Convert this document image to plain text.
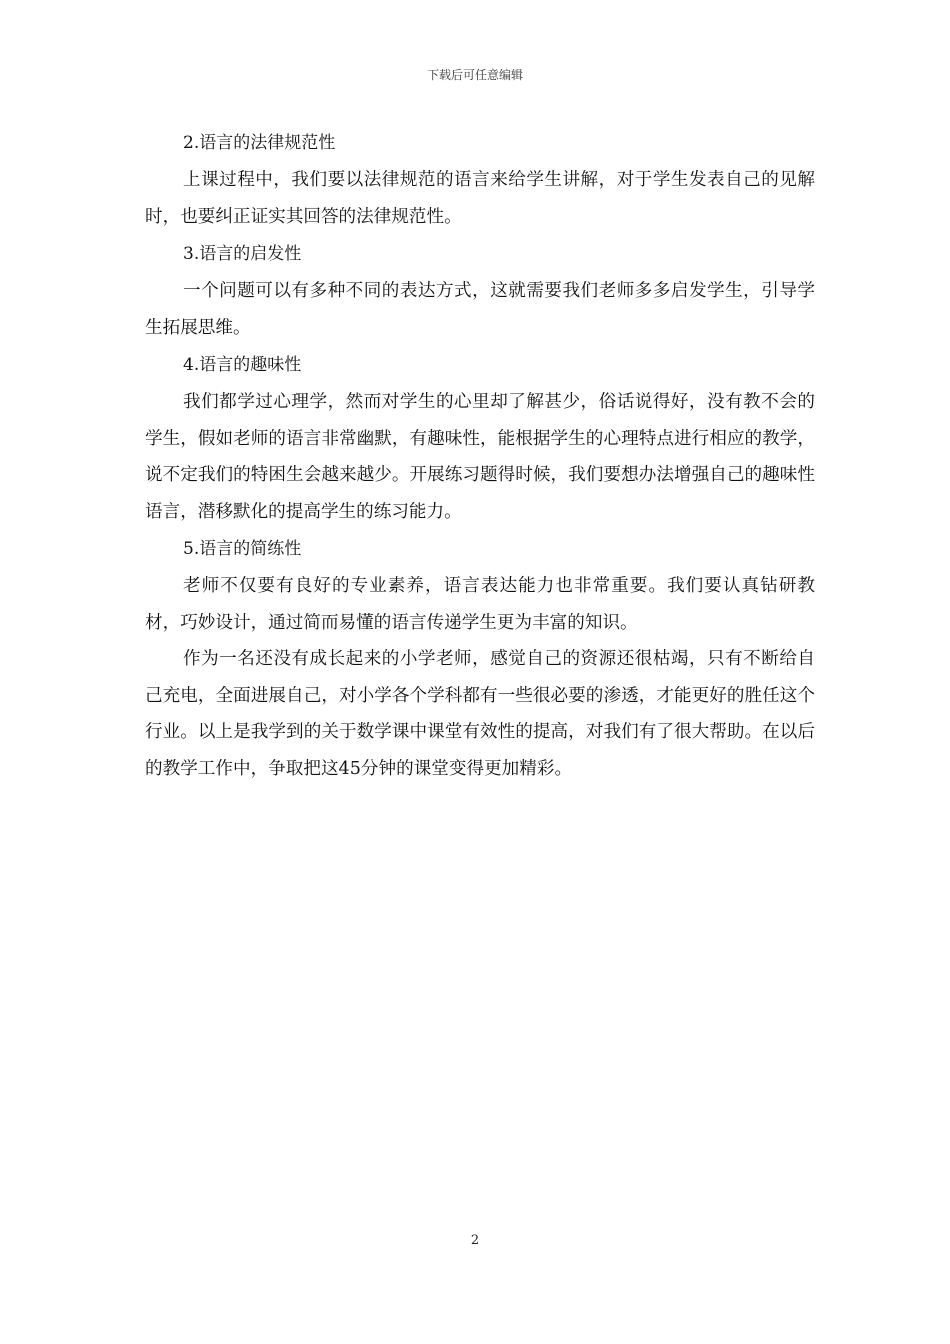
下载后可任意编辑

2.语言的法律规范性

上课过程中，我们要以法律规范的语言来给学生讲解，对于学生发表自己的见解时，也要纠正证实其回答的法律规范性。

3.语言的启发性

一个问题可以有多种不同的表达方式，这就需要我们老师多多启发学生，引导学生拓展思维。

4.语言的趣味性

我们都学过心理学，然而对学生的心里却了解甚少，俗话说得好，没有教不会的学生，假如老师的语言非常幽默，有趣味性，能根据学生的心理特点进行相应的教学，说不定我们的特困生会越来越少。开展练习题得时候，我们要想办法增强自己的趣味性语言，潜移默化的提高学生的练习能力。

5.语言的简练性

老师不仅要有良好的专业素养，语言表达能力也非常重要。我们要认真钻研教材，巧妙设计，通过简而易懂的语言传递学生更为丰富的知识。

作为一名还没有成长起来的小学老师，感觉自己的资源还很枯竭，只有不断给自己充电，全面进展自己，对小学各个学科都有一些很必要的渗透，才能更好的胜任这个行业。以上是我学到的关于数学课中课堂有效性的提高，对我们有了很大帮助。在以后的教学工作中，争取把这45分钟的课堂变得更加精彩。

2
